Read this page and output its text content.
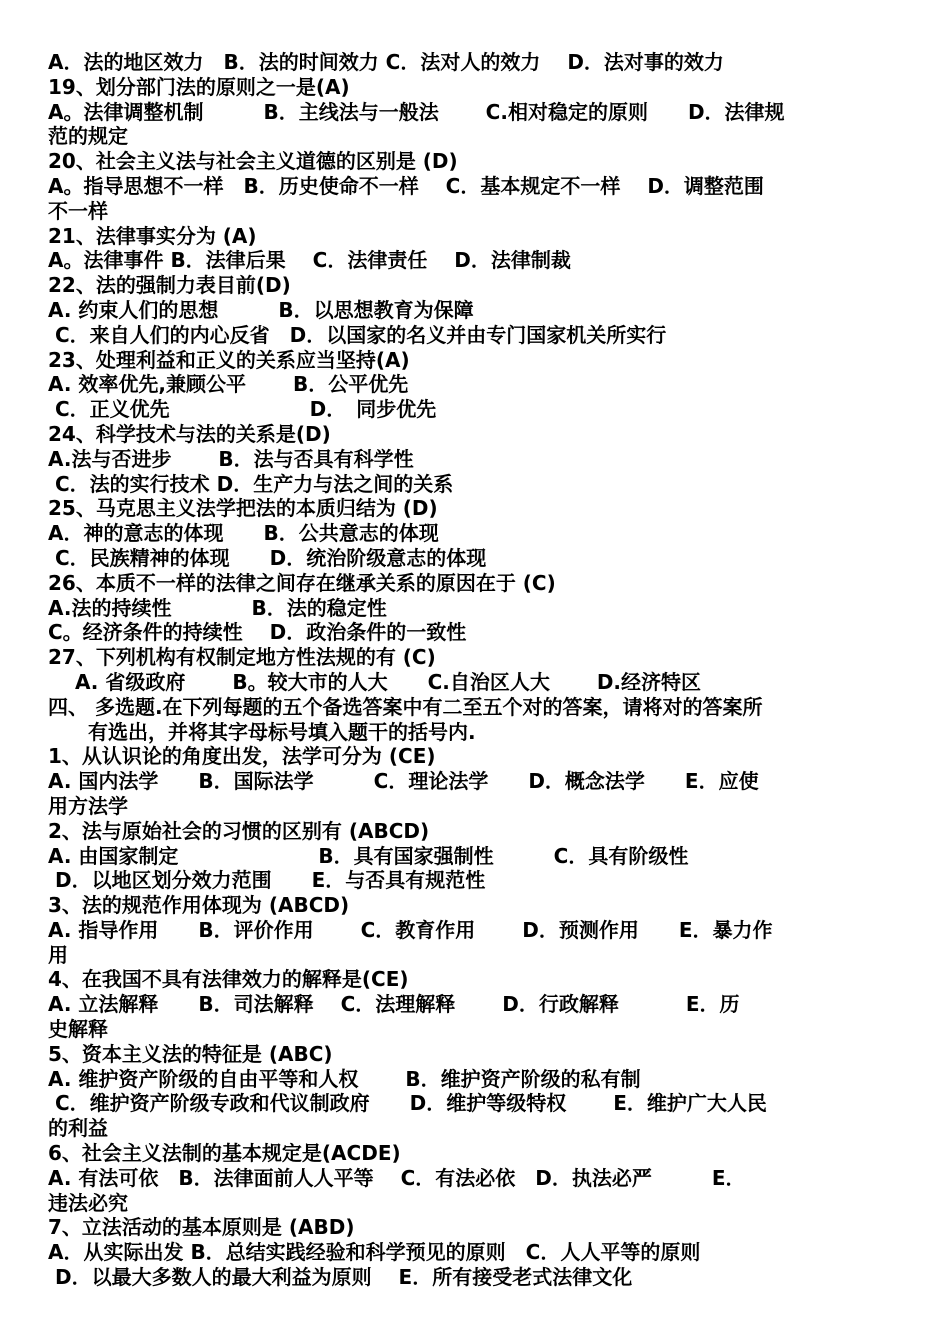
A．法的地区效力　B．法的时间效力 C．法对人的效力　 D．法对事的效力
19、划分部门法的原则之一是(A)
A。法律调整机制　　　B．主线法与一般法　　 C.相对稳定的原则　　D．法律规
范的规定
20、社会主义法与社会主义道德的区别是 (D)
A。指导思想不一样　B．历史使命不一样　 C．基本规定不一样　 D．调整范围
不一样
21、法律事实分为 (A)
A。法律事件 B．法律后果　 C．法律责任　 D．法律制裁
22、法的强制力表目前(D)
A. 约束人们的思想　　　B．以思想教育为保障
C．来自人们的内心反省　D．以国家的名义并由专门国家机关所实行
23、处理利益和正义的关系应当坚持(A)
A. 效率优先,兼顾公平　　 B．公平优先
C．正义优先　　　　　　　D．　同步优先
24、科学技术与法的关系是(D)
A.法与否进步　　 B．法与否具有科学性
C．法的实行技术 D．生产力与法之间的关系
25、马克思主义法学把法的本质归结为 (D)
A．神的意志的体现　　B．公共意志的体现
C．民族精神的体现　　D．统治阶级意志的体现
26、本质不一样的法律之间存在继承关系的原因在于 (C)
A.法的持续性　　　　B．法的稳定性
C。经济条件的持续性　 D．政治条件的一致性
27、下列机构有权制定地方性法规的有 (C)
　 A. 省级政府　　 B。较大市的人大　　C.自治区人大　　 D.经济特区
四、 多选题.在下列每题的五个备选答案中有二至五个对的答案，请将对的答案所
　　有选出，并将其字母标号填入题干的括号内.
1、从认识论的角度出发，法学可分为 (CE)
A. 国内法学　　B．国际法学　　　C．理论法学　　D．概念法学　　E．应使
用方法学
2、法与原始社会的习惯的区别有 (ABCD)
A. 由国家制定　　　　　　　B．具有国家强制性　　　C．具有阶级性
D．以地区划分效力范围　　E．与否具有规范性
3、法的规范作用体现为 (ABCD)
A. 指导作用　　B．评价作用　　 C．教育作用　　 D．预测作用　　E．暴力作
用
4、在我国不具有法律效力的解释是(CE)
A. 立法解释　　B．司法解释　 C．法理解释　　 D．行政解释　　　 E．历
史解释
5、资本主义法的特征是 (ABC)
A. 维护资产阶级的自由平等和人权　　 B．维护资产阶级的私有制
C．维护资产阶级专政和代议制政府　　D．维护等级特权　　 E．维护广大人民
的利益
6、社会主义法制的基本规定是(ACDE)
A. 有法可依　B．法律面前人人平等　 C．有法必依　D．执法必严　　　E．
违法必究
7、立法活动的基本原则是 (ABD)
A．从实际出发 B．总结实践经验和科学预见的原则　C．人人平等的原则
D．以最大多数人的最大利益为原则　 E．所有接受老式法律文化
